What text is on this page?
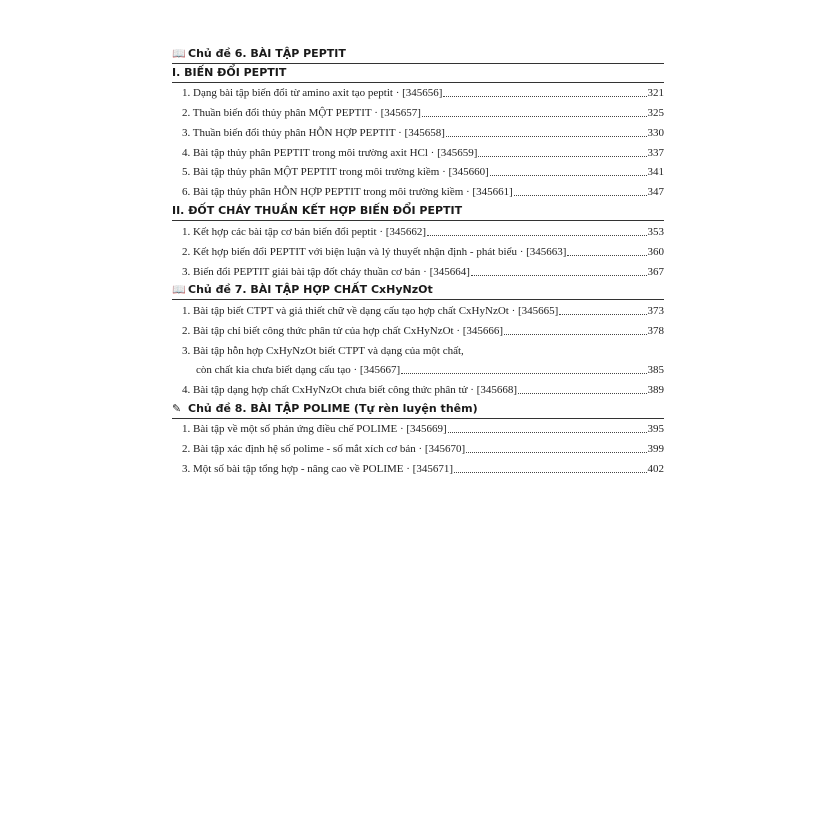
📖 Chủ đề 6. BÀI TẬP PEPTIT
I. BIẾN ĐỔI PEPTIT
1. Dạng bài tập biến đổi từ amino axit tạo peptit · [345656]	321
2. Thuần biến đổi thủy phân MỘT PEPTIT · [345657]	325
3. Thuần biến đổi thủy phân HỖN HỢP PEPTIT · [345658]	330
4. Bài tập thủy phân PEPTIT trong môi trường axit HCl · [345659]	337
5. Bài tập thủy phân MỘT PEPTIT trong môi trường kiềm · [345660]	341
6. Bài tập thủy phân HỖN HỢP PEPTIT trong môi trường kiềm · [345661]	347
II. ĐỐT CHÁY THUẦN KẾT HỢP BIẾN ĐỔI PEPTIT
1. Kết hợp các bài tập cơ bản biến đổi peptit · [345662]	353
2. Kết hợp biến đổi PEPTIT với biện luận và lý thuyết nhận định - phát biểu · [345663]	360
3. Biến đổi PEPTIT giải bài tập đốt cháy thuần cơ bản · [345664]	367
📖 Chủ đề 7. BÀI TẬP HỢP CHẤT CxHyNzOt
1. Bài tập biết CTPT và giả thiết chữ về dạng cấu tạo hợp chất CxHyNzOt · [345665]	373
2. Bài tập chỉ biết công thức phân tử của hợp chất CxHyNzOt · [345666]	378
3. Bài tập hỗn hợp CxHyNzOt biết CTPT và dạng của một chất,
còn chất kia chưa biết dạng cấu tạo · [345667]	385
4. Bài tập dạng hợp chất CxHyNzOt chưa biết công thức phân tử · [345668]	389
✎ Chủ đề 8. BÀI TẬP POLIME (Tự rèn luyện thêm)
1. Bài tập về một số phản ứng điều chế POLIME · [345669]	395
2. Bài tập xác định hệ số polime - số mắt xích cơ bản · [345670]	399
3. Một số bài tập tổng hợp - nâng cao về POLIME · [345671]	402
